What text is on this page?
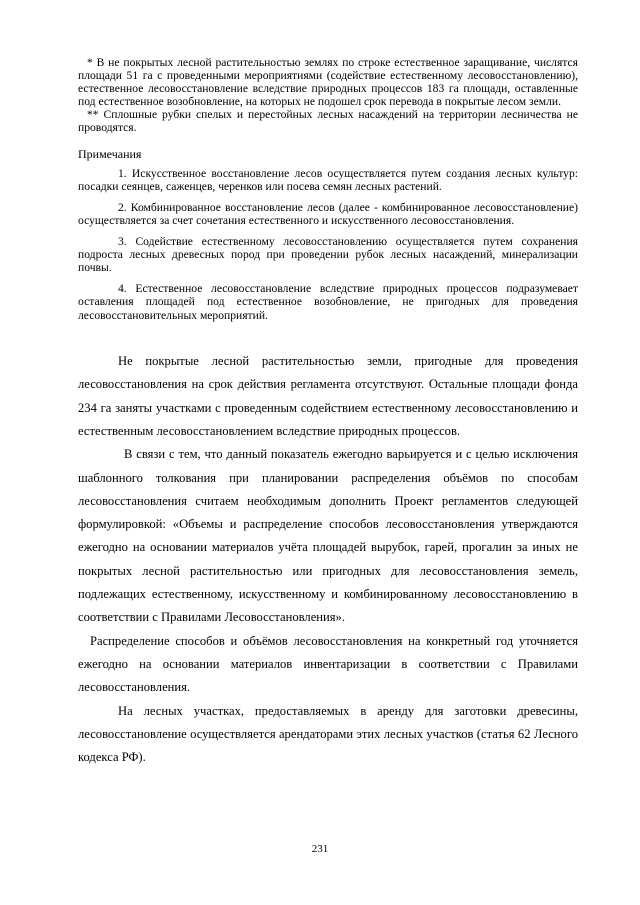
* В не покрытых лесной растительностью землях по строке естественное заращивание, числятся площади 51 га с проведенными мероприятиями (содействие естественному лесовосстановлению), естественное лесовосстановление вследствие природных процессов 183 га площади, оставленные под естественное возобновление, на которых не подошел срок перевода в покрытые лесом земли.

** Сплошные рубки спелых и перестойных лесных насаждений на территории лесничества не проводятся.

Примечания

1. Искусственное восстановление лесов осуществляется путем создания лесных культур: посадки сеянцев, саженцев, черенков или посева семян лесных растений.

2. Комбинированное восстановление лесов (далее - комбинированное лесовосстановление) осуществляется за счет сочетания естественного и искусственного лесовосстановления.

3. Содействие естественному лесовосстановлению осуществляется путем сохранения подроста лесных древесных пород при проведении рубок лесных насаждений, минерализации почвы.

4. Естественное лесовосстановление вследствие природных процессов подразумевает оставления площадей под естественное возобновление, не пригодных для проведения лесовосстановительных мероприятий.

Не покрытые лесной растительностью земли, пригодные для проведения лесовосстановления на срок действия регламента отсутствуют. Остальные площади фонда 234 га заняты участками с проведенным содействием естественному лесовосстановлению и естественным лесовосстановлением вследствие природных процессов.

В связи с тем, что данный показатель ежегодно варьируется и с целью исключения шаблонного толкования при планировании распределения объёмов по способам лесовосстановления считаем необходимым дополнить Проект регламентов следующей формулировкой: «Объемы и распределение способов лесовосстановления утверждаются ежегодно на основании материалов учёта площадей вырубок, гарей, прогалин за иных не покрытых лесной растительностью или пригодных для лесовосстановления земель, подлежащих естественному, искусственному и комбинированному лесовосстановлению в соответствии с Правилами Лесовосстановления».

Распределение способов и объёмов лесовосстановления на конкретный год уточняется ежегодно на основании материалов инвентаризации в соответствии с Правилами лесовосстановления.

На лесных участках, предоставляемых в аренду для заготовки древесины, лесовосстановление осуществляется арендаторами этих лесных участков (статья 62 Лесного кодекса РФ).

231
